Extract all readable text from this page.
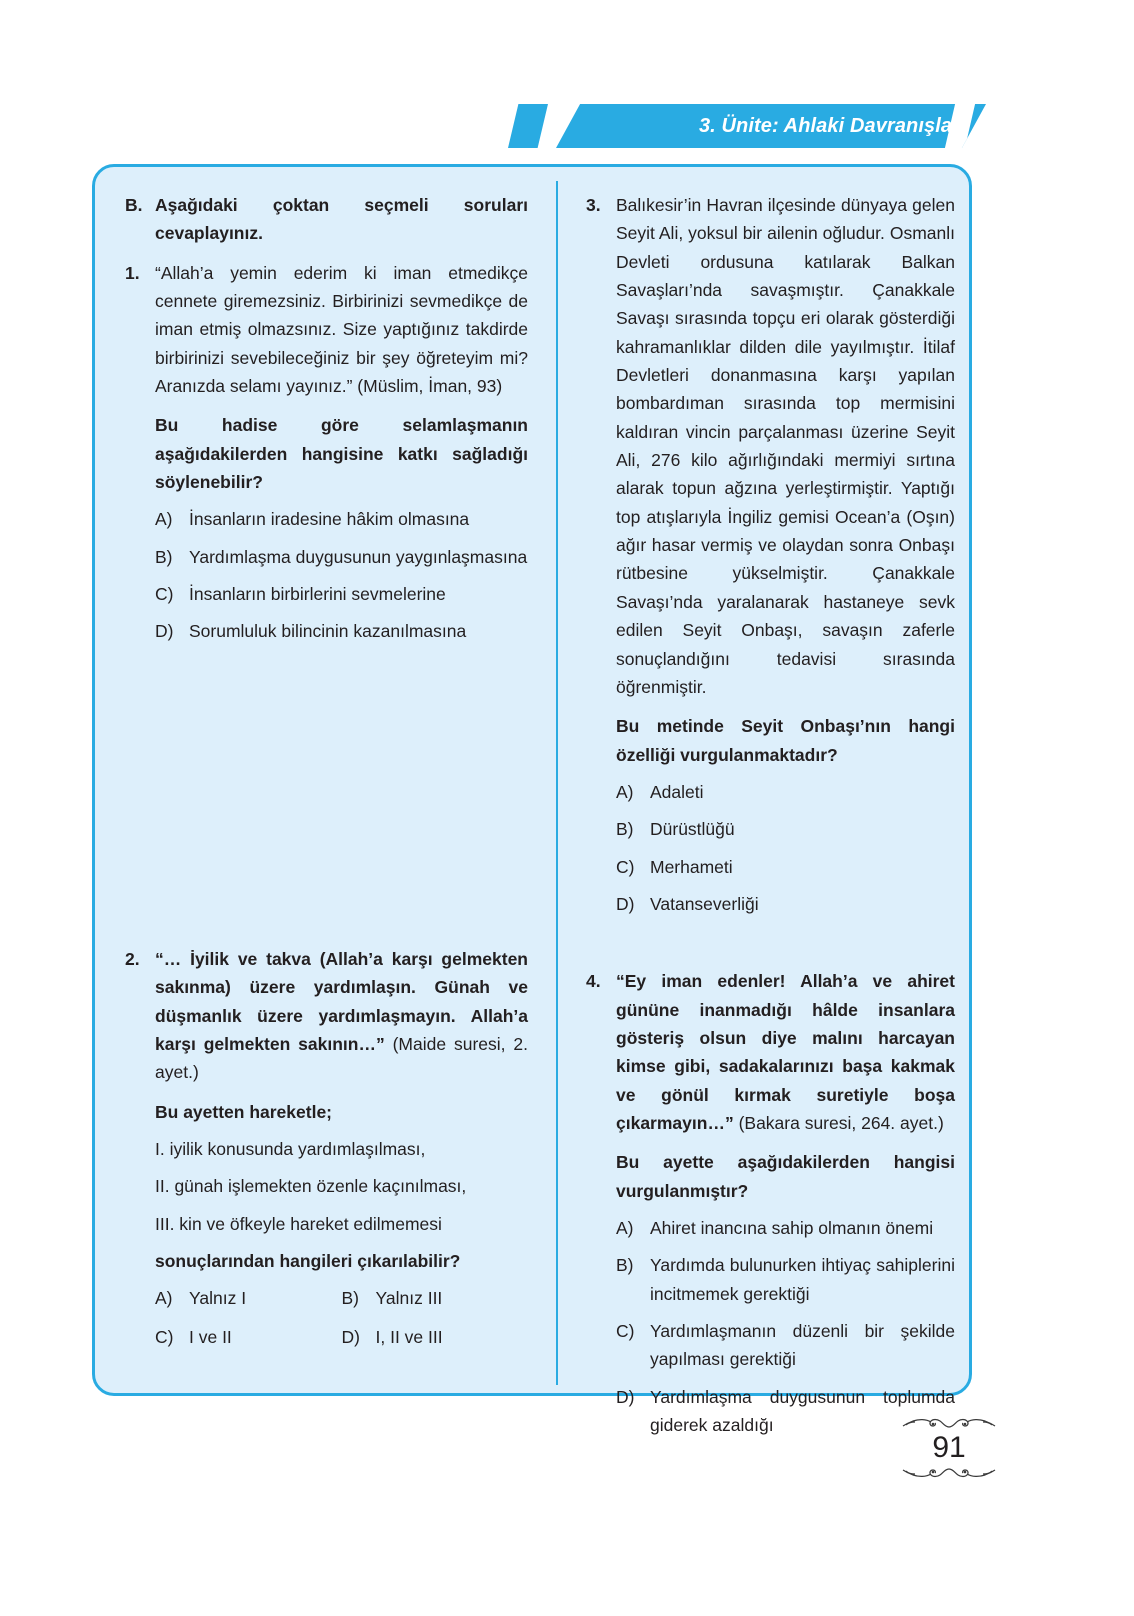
3. Ünite: Ahlaki Davranışlar
B. Aşağıdaki çoktan seçmeli soruları cevaplayınız.
1. “Allah’a yemin ederim ki iman etmedikçe cennete giremezsiniz. Birbirinizi sevmedikçe de iman etmiş olmazsınız. Size yaptığınız takdirde birbirinizi sevebileceğiniz bir şey öğreteyim mi? Aranızda selamı yayınız.” (Müslim, İman, 93)
Bu hadise göre selamlaşmanın aşağıdakilerden hangisine katkı sağladığı söylenebilir?
A) İnsanların iradesine hâkim olmasına
B) Yardımlaşma duygusunun yaygınlaşmasına
C) İnsanların birbirlerini sevmelerine
D) Sorumluluk bilincinin kazanılmasına
2. “… İyilik ve takva (Allah’a karşı gelmekten sakınma) üzere yardımlaşın. Günah ve düşmanlık üzere yardımlaşmayın. Allah’a karşı gelmekten sakının…” (Maide suresi, 2. ayet.)
Bu ayetten hareketle;
I. iyilik konusunda yardımlaşılması,
II. günah işlemekten özenle kaçınılması,
III. kin ve öfkeyle hareket edilmemesi
sonuçlarından hangileri çıkarılabilir?
A) Yalnız I	B) Yalnız III
C) I ve II	D) I, II ve III
3. Balıkesir’in Havran ilçesinde dünyaya gelen Seyit Ali, yoksul bir ailenin oğludur. Osmanlı Devleti ordusuna katılarak Balkan Savaşları’nda savaşmıştır. Çanakkale Savaşı sırasında topçu eri olarak gösterdiği kahramanlıklar dilden dile yayılmıştır. İtilaf Devletleri donanmasına karşı yapılan bombardıman sırasında top mermisini kaldıran vincin parçalanması üzerine Seyit Ali, 276 kilo ağırlığındaki mermiyi sırtına alarak topun ağzına yerleştirmiştir. Yaptığı top atışlarıyla İngiliz gemisi Ocean’a (Oşın) ağır hasar vermiş ve olaydan sonra Onbaşı rütbesine yükselmiştir. Çanakkale Savaşı’nda yaralanarak hastaneye sevk edilen Seyit Onbaşı, savaşın zaferle sonuçlandığını tedavisi sırasında öğrenmiştir.
Bu metinde Seyit Onbaşı’nın hangi özelliği vurgulanmaktadır?
A) Adaleti
B) Dürüstlüğü
C) Merhameti
D) Vatanseverliği
4. “Ey iman edenler! Allah’a ve ahiret gününe inanmadığı hâlde insanlara gösteriş olsun diye malını harcayan kimse gibi, sadakalarınızı başa kakmak ve gönül kırmak suretiyle boşa çıkarmayın…” (Bakara suresi, 264. ayet.)
Bu ayette aşağıdakilerden hangisi vurgulanmıştır?
A) Ahiret inancına sahip olmanın önemi
B) Yardımda bulunurken ihtiyaç sahiplerini incitmemek gerektiği
C) Yardımlaşmanın düzenli bir şekilde yapılması gerektiği
D) Yardımlaşma duygusunun toplumda giderek azaldığı
91
